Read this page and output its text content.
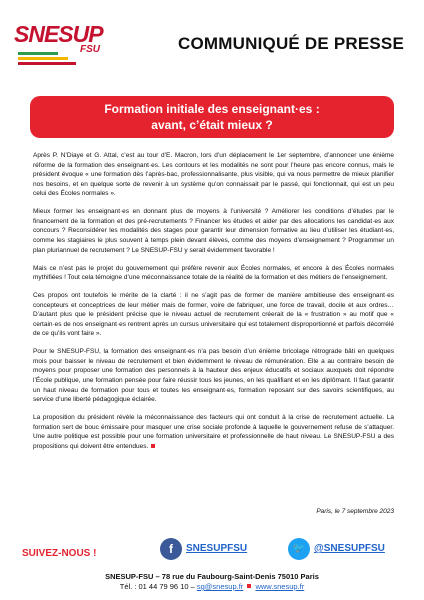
SNESUP
FSU	COMMUNIQUÉ DE PRESSE
Formation initiale des enseignant·es :
avant, c’était mieux ?

Après P. N’Diaye et G. Attal, c’est au tour d’E. Macron, lors d’un déplacement le 1er septembre, d’annoncer une énième réforme de la formation des enseignant·es. Les contours et les modalités ne sont pour l’heure pas encore connus, mais le président évoque « une formation dès l’après-bac, professionnalisante, plus visible, qui va nous permettre de mieux planifier nos besoins, et en quelque sorte de revenir à un système qu’on connaissait par le passé, qui fonctionnait, qui est un peu celui des Écoles normales ».

Mieux former les enseignant·es en donnant plus de moyens à l’université ? Améliorer les conditions d’études par le financement de la formation et des pré-recrutements ? Financer les études et aider par des allocations les candidat·es aux concours ? Reconsidérer les modalités des stages pour garantir leur dimension formative au lieu d’utiliser les étudiant·es, comme les stagiaires le plus souvent à temps plein devant élèves, comme des moyens d’enseignement ? Programmer un plan pluriannuel de recrutement ? Le SNESUP-FSU y serait évidemment favorable !

Mais ce n’est pas le projet du gouvernement qui préfère revenir aux Écoles normales, et encore à des Écoles normales mythifiées ! Tout cela témoigne d’une méconnaissance totale de la réalité de la formation et des métiers de l’enseignement.

Ces propos ont toutefois le mérite de la clarté : il ne s’agit pas de former de manière ambitieuse des enseignant·es concepteurs et conceptrices de leur métier mais de former, voire de fabriquer, une force de travail, docile et aux ordres… D’autant plus que le président précise que le niveau actuel de recrutement créerait de la « frustration » au motif que « certain·es de nos enseignant·es rentrent après un cursus universitaire qui est totalement disproportionné et parfois décorrélé de ce qu’ils vont faire ».

Pour le SNESUP-FSU, la formation des enseignant·es n’a pas besoin d’un énième bricolage rétrograde bâti en quelques mois pour baisser le niveau de recrutement et bien évidemment le niveau de rémunération. Elle a au contraire besoin de moyens pour proposer une formation des personnels à la hauteur des enjeux éducatifs et sociaux auxquels doit répondre l’École publique, une formation pensée pour faire réussir tous les jeunes, en les qualifiant et en les diplômant. Il faut garantir un haut niveau de formation pour tous et toutes les enseignant·es, formation reposant sur des savoirs scientifiques, au service d’une liberté pédagogique éclairée.

La proposition du président révèle la méconnaissance des facteurs qui ont conduit à la crise de recrutement actuelle. La formation sert de bouc émissaire pour masquer une crise sociale profonde à laquelle le gouvernement refuse de s’attaquer. Une autre politique est possible pour une formation universitaire et professionnelle de haut niveau. Le SNESUP-FSU a des propositions qui doivent être entendues.

Paris, le 7 septembre 2023
SUIVEZ-NOUS !	f	SNESUPFSU	🐦 @SNESUPFSU
SNESUP-FSU – 78 rue du Faubourg-Saint-Denis 75010 Paris
Tél. : 01 44 79 96 10 – sg@snesup.fr www.snesup.fr
